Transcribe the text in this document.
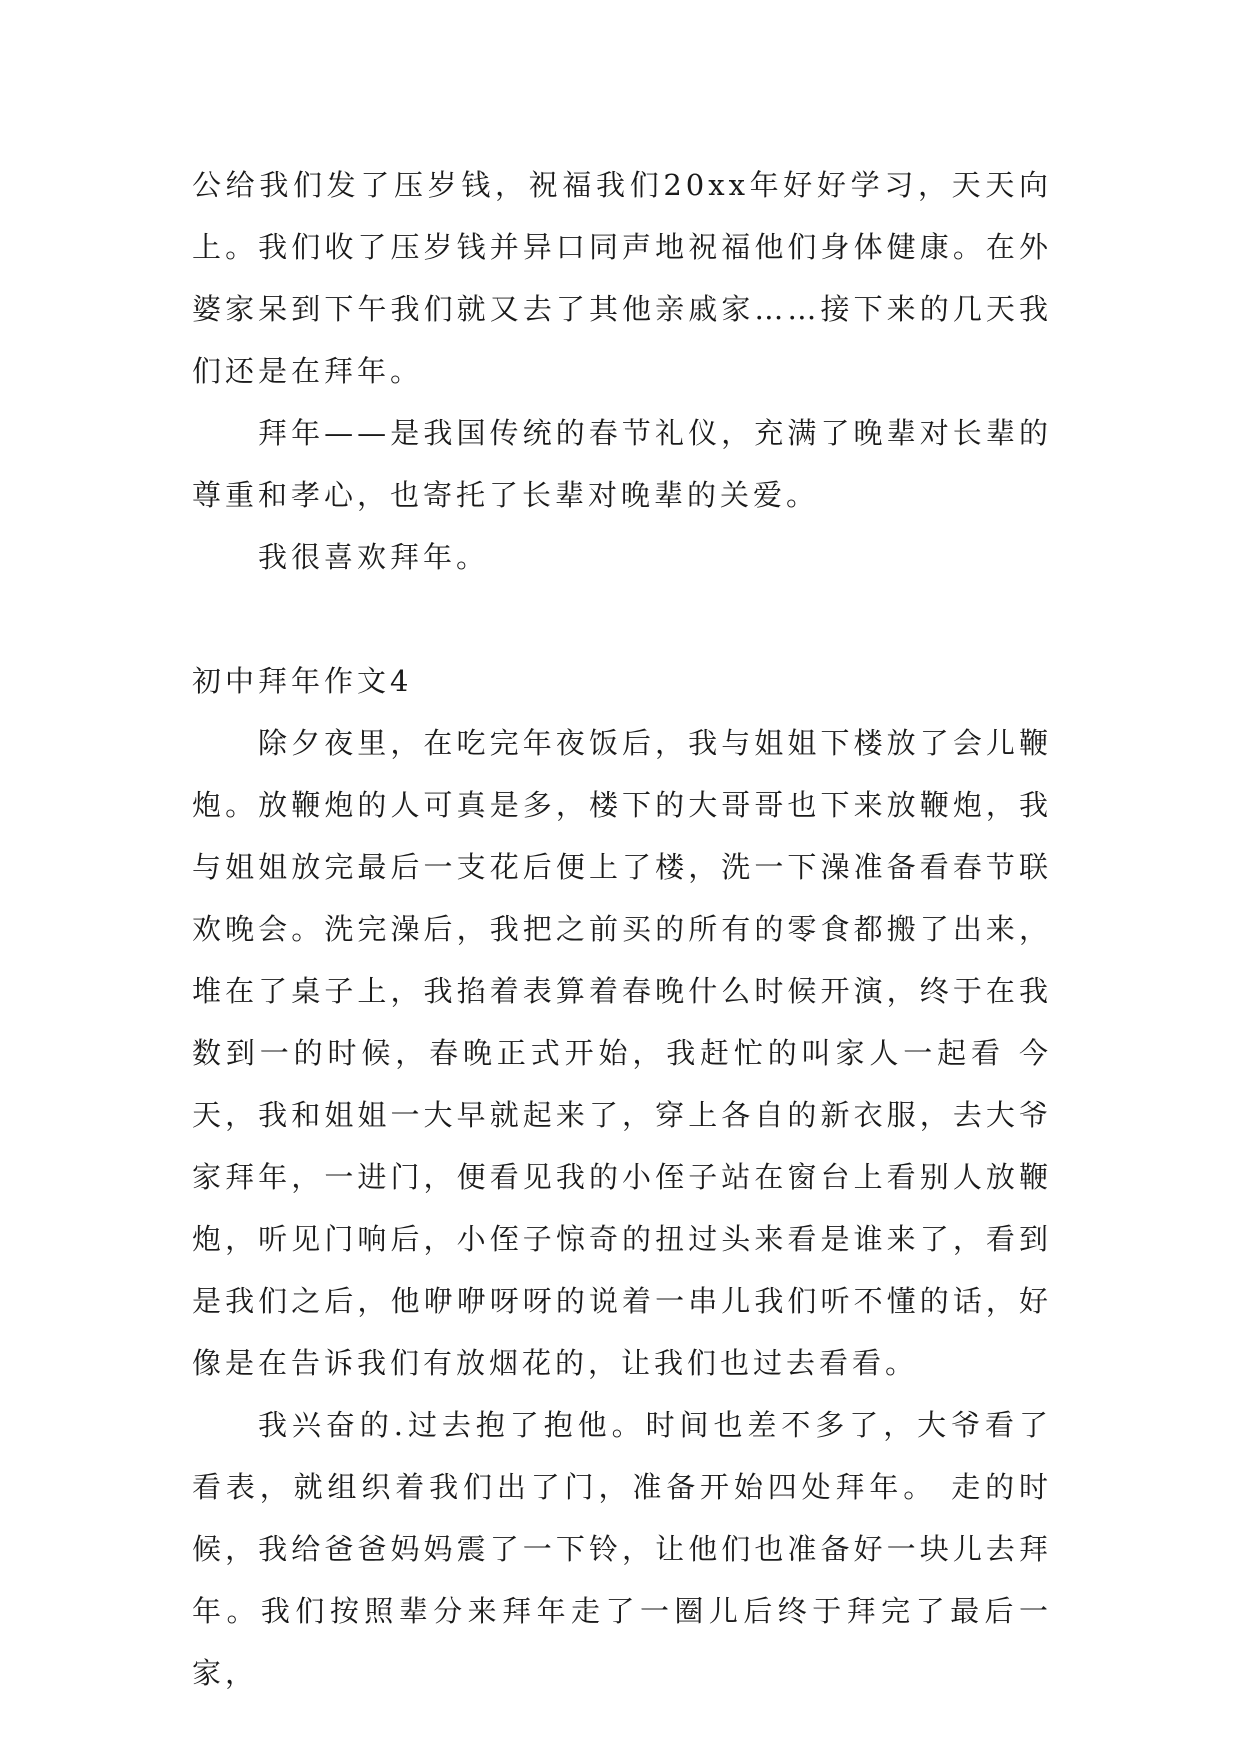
公给我们发了压岁钱，祝福我们20xx年好好学习，天天向上。我们收了压岁钱并异口同声地祝福他们身体健康。在外婆家呆到下午我们就又去了其他亲戚家……接下来的几天我们还是在拜年。

拜年——是我国传统的春节礼仪，充满了晚辈对长辈的尊重和孝心，也寄托了长辈对晚辈的关爱。

我很喜欢拜年。

初中拜年作文4

除夕夜里，在吃完年夜饭后，我与姐姐下楼放了会儿鞭炮。放鞭炮的人可真是多，楼下的大哥哥也下来放鞭炮，我与姐姐放完最后一支花后便上了楼，洗一下澡准备看春节联欢晚会。洗完澡后，我把之前买的所有的零食都搬了出来，堆在了桌子上，我掐着表算着春晚什么时候开演，终于在我数到一的时候，春晚正式开始，我赶忙的叫家人一起看 今天，我和姐姐一大早就起来了，穿上各自的新衣服，去大爷家拜年，一进门，便看见我的小侄子站在窗台上看别人放鞭炮，听见门响后，小侄子惊奇的扭过头来看是谁来了，看到是我们之后，他咿咿呀呀的说着一串儿我们听不懂的话，好像是在告诉我们有放烟花的，让我们也过去看看。

我兴奋的.过去抱了抱他。时间也差不多了，大爷看了看表，就组织着我们出了门，准备开始四处拜年。 走的时候，我给爸爸妈妈震了一下铃，让他们也准备好一块儿去拜年。我们按照辈分来拜年走了一圈儿后终于拜完了最后一家，
